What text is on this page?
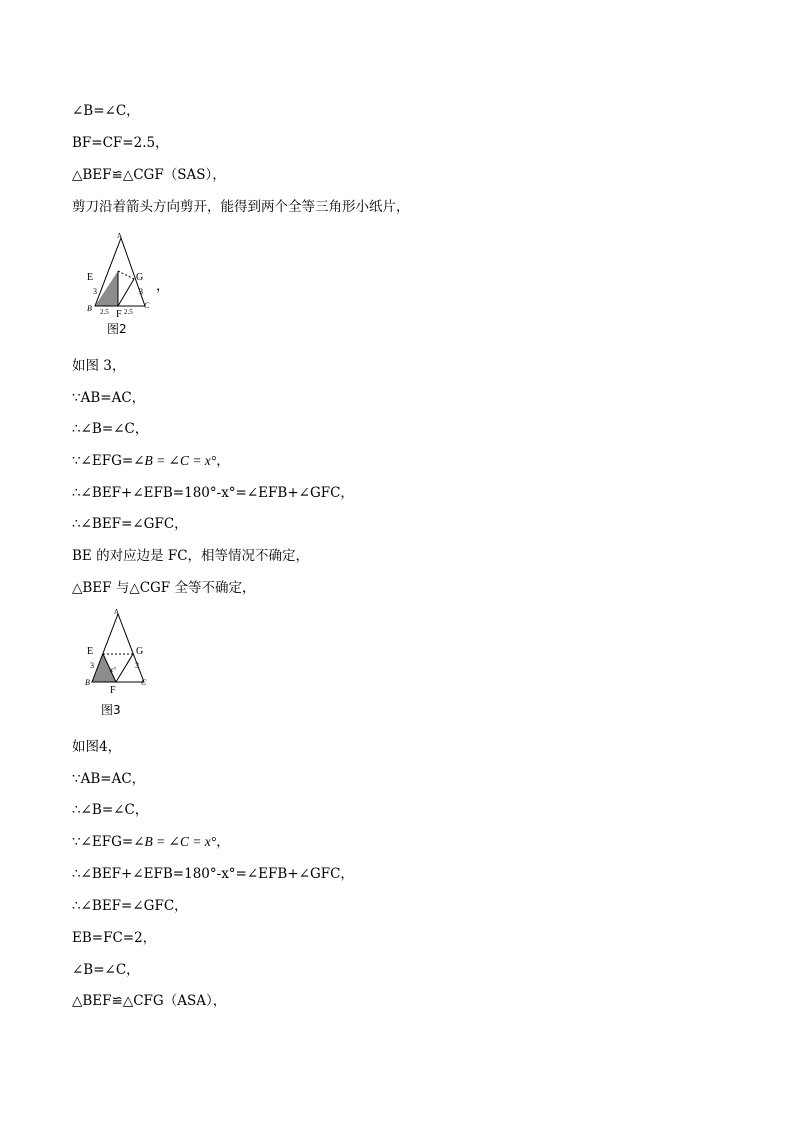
∠B=∠C，
BF=CF=2.5，
△BEF≌△CGF（SAS），
剪刀沿着箭头方向剪开，能得到两个全等三角形小纸片，
A
E	G
3	3
B	C
2.5 F 2.5
，
图2
如图 3，
∵AB=AC，
∴∠B=∠C，
∵∠EFG=∠B = ∠C = x°，
∴∠BEF+∠EFB=180°-x°=∠EFB+∠GFC，
∴∠BEF=∠GFC，
BE 的对应边是 FC，相等情况不确定，
△BEF 与△CGF 全等不确定，
A
E	G
3	3
x°
B	C
F
图3
如图4，
∵AB=AC，
∴∠B=∠C，
∵∠EFG=∠B = ∠C = x°，
∴∠BEF+∠EFB=180°-x°=∠EFB+∠GFC，
∴∠BEF=∠GFC，
EB=FC=2，
∠B=∠C，
△BEF≌△CFG（ASA），
